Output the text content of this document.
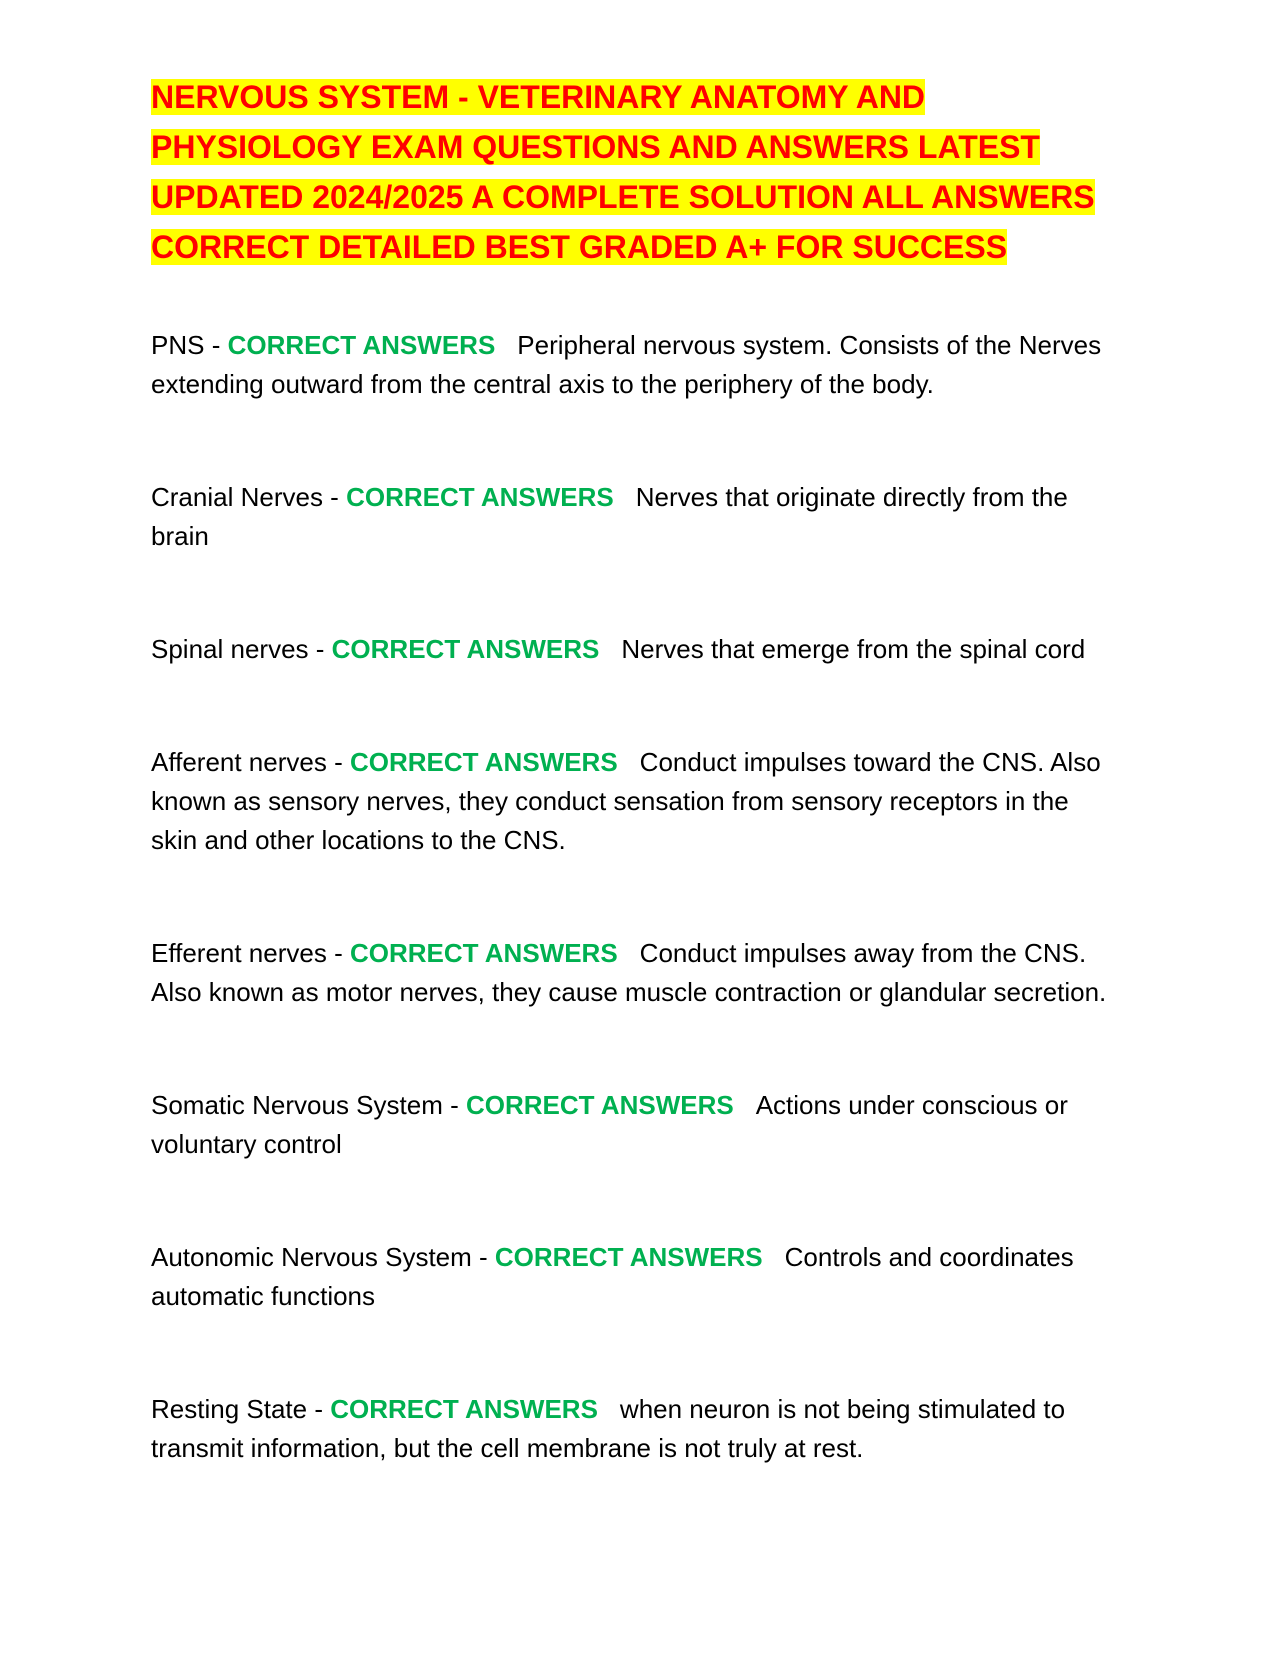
NERVOUS SYSTEM - VETERINARY ANATOMY AND PHYSIOLOGY EXAM QUESTIONS AND ANSWERS LATEST UPDATED 2024/2025 A COMPLETE SOLUTION ALL ANSWERS CORRECT DETAILED BEST GRADED A+ FOR SUCCESS

PNS - CORRECT ANSWERS Peripheral nervous system. Consists of the Nerves extending outward from the central axis to the periphery of the body.

Cranial Nerves - CORRECT ANSWERS Nerves that originate directly from the brain

Spinal nerves - CORRECT ANSWERS Nerves that emerge from the spinal cord

Afferent nerves - CORRECT ANSWERS Conduct impulses toward the CNS. Also known as sensory nerves, they conduct sensation from sensory receptors in the skin and other locations to the CNS.

Efferent nerves - CORRECT ANSWERS Conduct impulses away from the CNS. Also known as motor nerves, they cause muscle contraction or glandular secretion.

Somatic Nervous System - CORRECT ANSWERS Actions under conscious or voluntary control

Autonomic Nervous System - CORRECT ANSWERS Controls and coordinates automatic functions

Resting State - CORRECT ANSWERS when neuron is not being stimulated to transmit information, but the cell membrane is not truly at rest.
